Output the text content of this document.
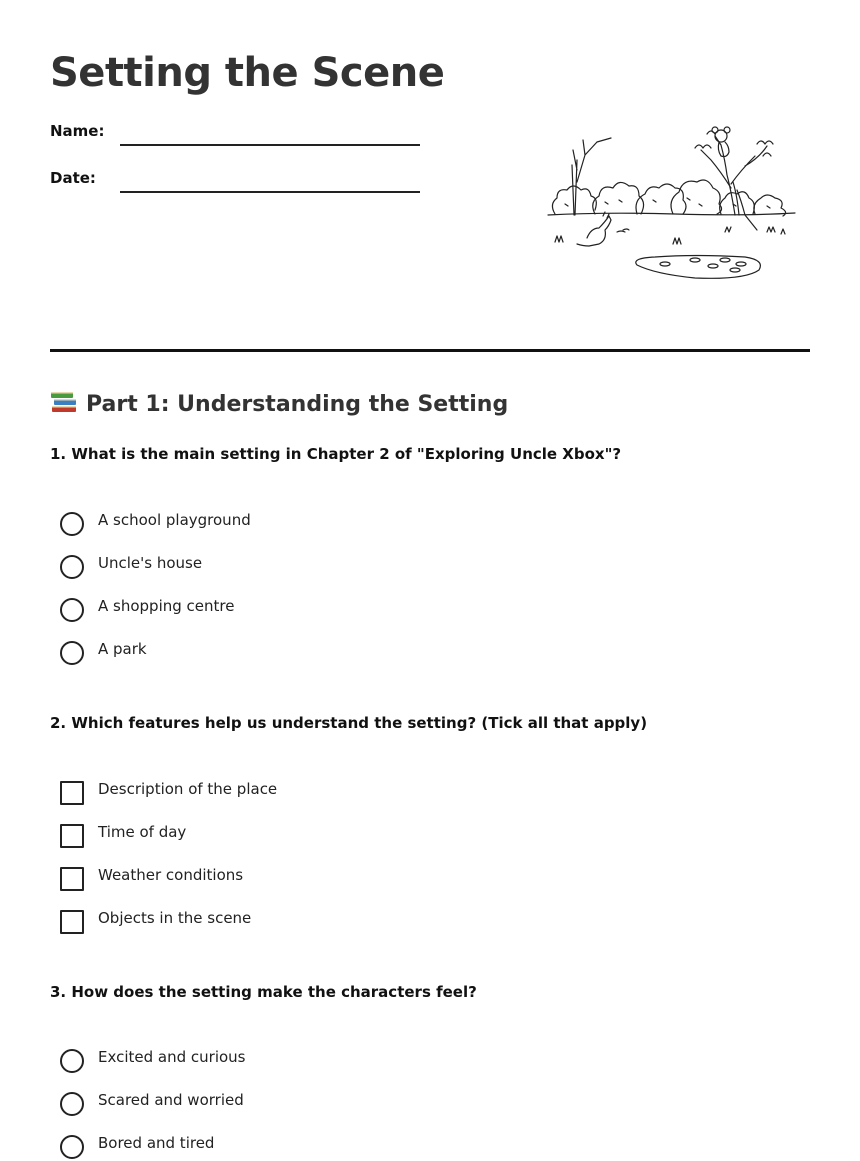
Setting the Scene
Name:
Date:
Part 1: Understanding the Setting

1. What is the main setting in Chapter 2 of "Exploring Uncle Xbox"?

A school playground
Uncle's house
A shopping centre
A park

2. Which features help us understand the setting? (Tick all that apply)

Description of the place
Time of day
Weather conditions
Objects in the scene

3. How does the setting make the characters feel?

Excited and curious
Scared and worried
Bored and tired
